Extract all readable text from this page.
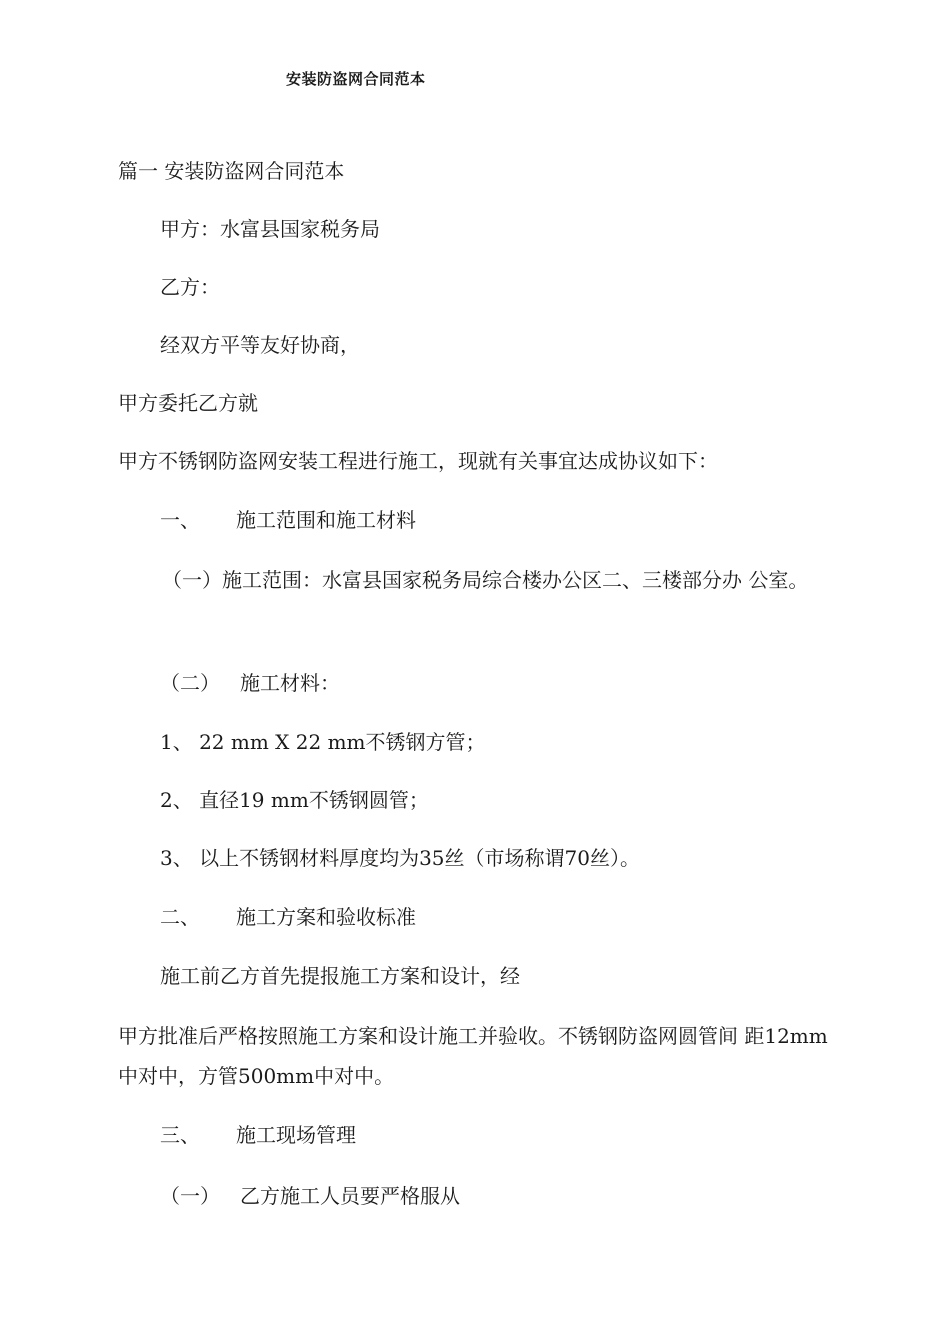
安装防盗网合同范本
篇一 安装防盗网合同范本
甲方：水富县国家税务局
乙方：
经双方平等友好协商，
甲方委托乙方就
甲方不锈钢防盗网安装工程进行施工，现就有关事宜达成协议如下：
一、 施工范围和施工材料
（一）施工范围：水富县国家税务局综合楼办公区二、三楼部分办 公室。
（二） 施工材料：
1、 22 mm X 22 mm不锈钢方管；
2、 直径19 mm不锈钢圆管；
3、 以上不锈钢材料厚度均为35丝（市场称谓70丝）。
二、 施工方案和验收标准
施工前乙方首先提报施工方案和设计，经
甲方批准后严格按照施工方案和设计施工并验收。不锈钢防盗网圆管间 距12mm中对中，方管500mm中对中。
三、 施工现场管理
（一） 乙方施工人员要严格服从
